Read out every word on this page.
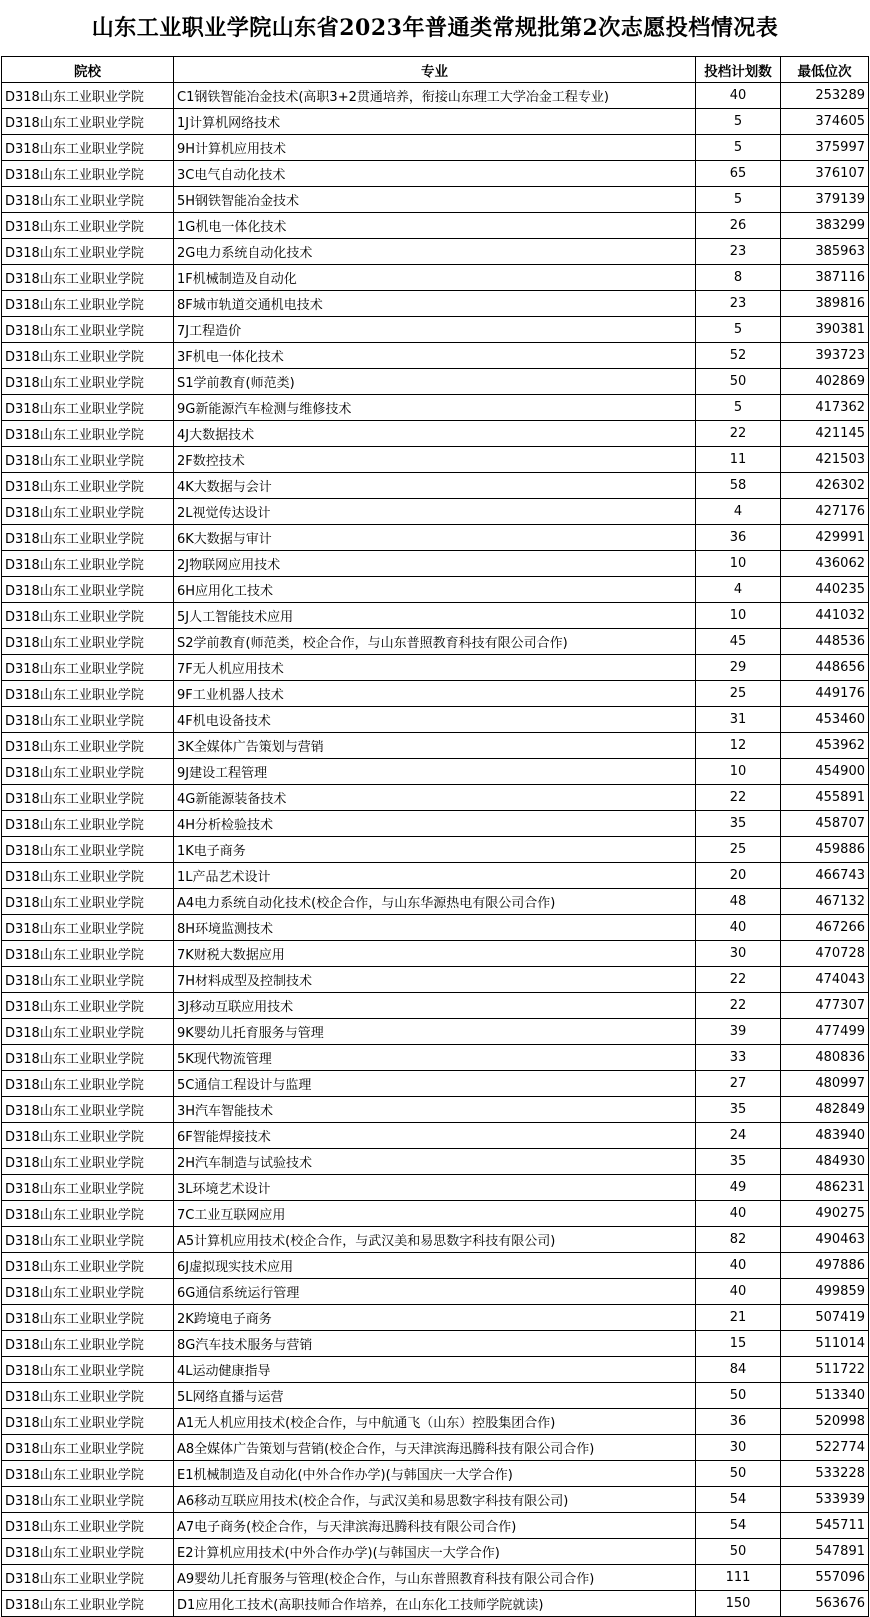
山东工业职业学院山东省2023年普通类常规批第2次志愿投档情况表
院校	专业	投档计划数	最低位次
D318山东工业职业学院	C1钢铁智能冶金技术(高职3+2贯通培养，衔接山东理工大学冶金工程专业)	40	253289
D318山东工业职业学院	1J计算机网络技术	5	374605
D318山东工业职业学院	9H计算机应用技术	5	375997
D318山东工业职业学院	3C电气自动化技术	65	376107
D318山东工业职业学院	5H钢铁智能冶金技术	5	379139
D318山东工业职业学院	1G机电一体化技术	26	383299
D318山东工业职业学院	2G电力系统自动化技术	23	385963
D318山东工业职业学院	1F机械制造及自动化	8	387116
D318山东工业职业学院	8F城市轨道交通机电技术	23	389816
D318山东工业职业学院	7J工程造价	5	390381
D318山东工业职业学院	3F机电一体化技术	52	393723
D318山东工业职业学院	S1学前教育(师范类)	50	402869
D318山东工业职业学院	9G新能源汽车检测与维修技术	5	417362
D318山东工业职业学院	4J大数据技术	22	421145
D318山东工业职业学院	2F数控技术	11	421503
D318山东工业职业学院	4K大数据与会计	58	426302
D318山东工业职业学院	2L视觉传达设计	4	427176
D318山东工业职业学院	6K大数据与审计	36	429991
D318山东工业职业学院	2J物联网应用技术	10	436062
D318山东工业职业学院	6H应用化工技术	4	440235
D318山东工业职业学院	5J人工智能技术应用	10	441032
D318山东工业职业学院	S2学前教育(师范类，校企合作，与山东普照教育科技有限公司合作)	45	448536
D318山东工业职业学院	7F无人机应用技术	29	448656
D318山东工业职业学院	9F工业机器人技术	25	449176
D318山东工业职业学院	4F机电设备技术	31	453460
D318山东工业职业学院	3K全媒体广告策划与营销	12	453962
D318山东工业职业学院	9J建设工程管理	10	454900
D318山东工业职业学院	4G新能源装备技术	22	455891
D318山东工业职业学院	4H分析检验技术	35	458707
D318山东工业职业学院	1K电子商务	25	459886
D318山东工业职业学院	1L产品艺术设计	20	466743
D318山东工业职业学院	A4电力系统自动化技术(校企合作，与山东华源热电有限公司合作)	48	467132
D318山东工业职业学院	8H环境监测技术	40	467266
D318山东工业职业学院	7K财税大数据应用	30	470728
D318山东工业职业学院	7H材料成型及控制技术	22	474043
D318山东工业职业学院	3J移动互联应用技术	22	477307
D318山东工业职业学院	9K婴幼儿托育服务与管理	39	477499
D318山东工业职业学院	5K现代物流管理	33	480836
D318山东工业职业学院	5C通信工程设计与监理	27	480997
D318山东工业职业学院	3H汽车智能技术	35	482849
D318山东工业职业学院	6F智能焊接技术	24	483940
D318山东工业职业学院	2H汽车制造与试验技术	35	484930
D318山东工业职业学院	3L环境艺术设计	49	486231
D318山东工业职业学院	7C工业互联网应用	40	490275
D318山东工业职业学院	A5计算机应用技术(校企合作，与武汉美和易思数字科技有限公司)	82	490463
D318山东工业职业学院	6J虚拟现实技术应用	40	497886
D318山东工业职业学院	6G通信系统运行管理	40	499859
D318山东工业职业学院	2K跨境电子商务	21	507419
D318山东工业职业学院	8G汽车技术服务与营销	15	511014
D318山东工业职业学院	4L运动健康指导	84	511722
D318山东工业职业学院	5L网络直播与运营	50	513340
D318山东工业职业学院	A1无人机应用技术(校企合作，与中航通飞（山东）控股集团合作)	36	520998
D318山东工业职业学院	A8全媒体广告策划与营销(校企合作，与天津滨海迅腾科技有限公司合作)	30	522774
D318山东工业职业学院	E1机械制造及自动化(中外合作办学)(与韩国庆一大学合作)	50	533228
D318山东工业职业学院	A6移动互联应用技术(校企合作，与武汉美和易思数字科技有限公司)	54	533939
D318山东工业职业学院	A7电子商务(校企合作，与天津滨海迅腾科技有限公司合作)	54	545711
D318山东工业职业学院	E2计算机应用技术(中外合作办学)(与韩国庆一大学合作)	50	547891
D318山东工业职业学院	A9婴幼儿托育服务与管理(校企合作，与山东普照教育科技有限公司合作)	111	557096
D318山东工业职业学院	D1应用化工技术(高职技师合作培养，在山东化工技师学院就读)	150	563676
